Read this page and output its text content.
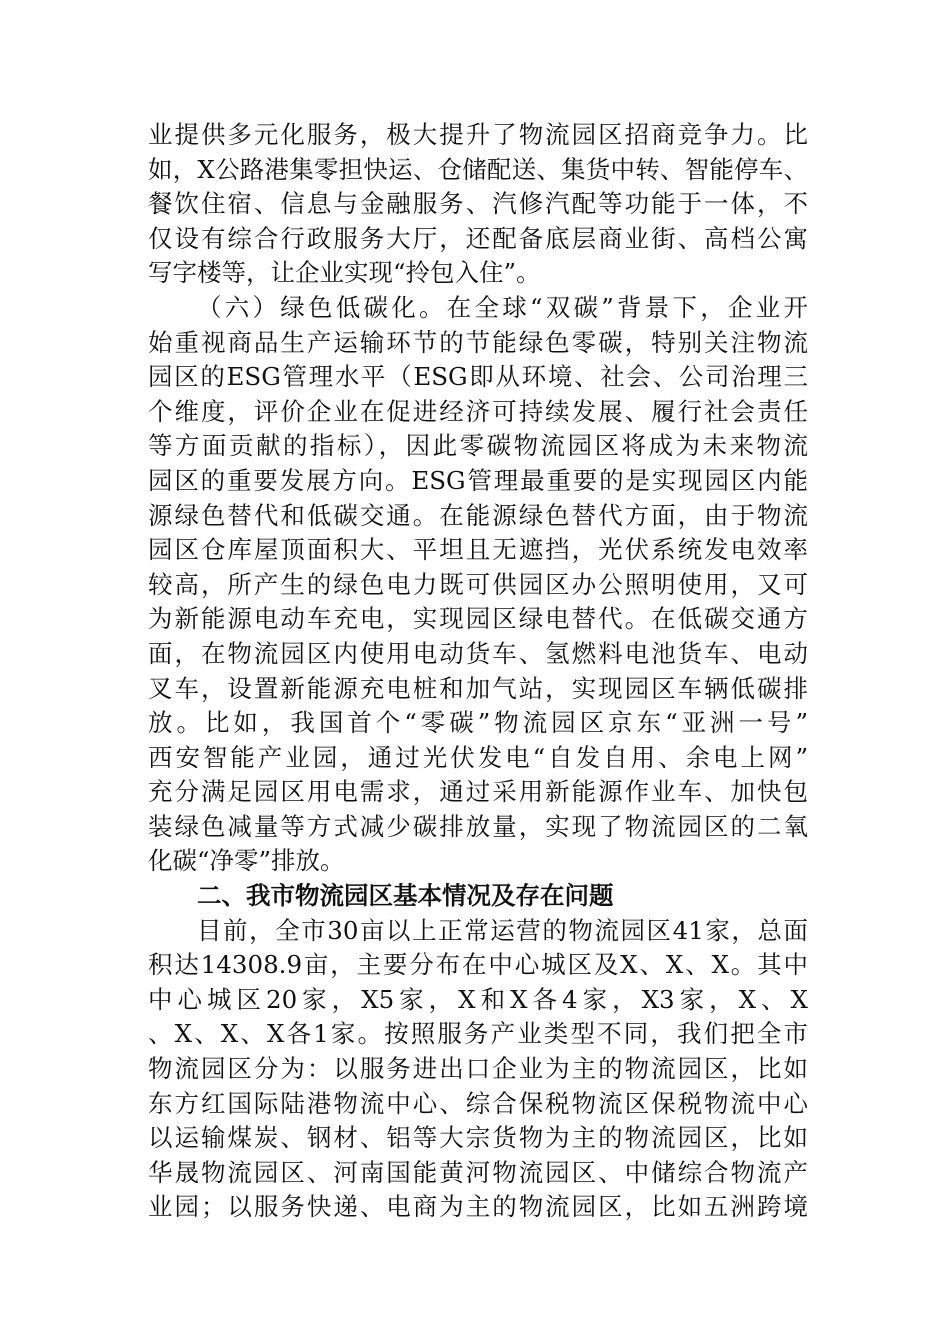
业提供多元化服务，极大提升了物流园区招商竞争力。比
如，X公路港集零担快运、仓储配送、集货中转、智能停车、
餐饮住宿、信息与金融服务、汽修汽配等功能于一体，不
仅设有综合行政服务大厅，还配备底层商业街、高档公寓
写字楼等，让企业实现“拎包入住”。
（六）绿色低碳化。在全球“双碳”背景下，企业开
始重视商品生产运输环节的节能绿色零碳，特别关注物流
园区的ESG管理水平（ESG即从环境、社会、公司治理三
个维度，评价企业在促进经济可持续发展、履行社会责任
等方面贡献的指标），因此零碳物流园区将成为未来物流
园区的重要发展方向。ESG管理最重要的是实现园区内能
源绿色替代和低碳交通。在能源绿色替代方面，由于物流
园区仓库屋顶面积大、平坦且无遮挡，光伏系统发电效率
较高，所产生的绿色电力既可供园区办公照明使用，又可
为新能源电动车充电，实现园区绿电替代。在低碳交通方
面，在物流园区内使用电动货车、氢燃料电池货车、电动
叉车，设置新能源充电桩和加气站，实现园区车辆低碳排
放。比如，我国首个“零碳”物流园区京东“亚洲一号”
西安智能产业园，通过光伏发电“自发自用、余电上网”
充分满足园区用电需求，通过采用新能源作业车、加快包
装绿色减量等方式减少碳排放量，实现了物流园区的二氧
化碳“净零”排放。
二、我市物流园区基本情况及存在问题
目前，全市30亩以上正常运营的物流园区41家，总面
积达14308.9亩，主要分布在中心城区及X、X、X。其中
中心城区20家，X5家，X和X各4家，X3家，X、X
、X、X、X各1家。按照服务产业类型不同，我们把全市
物流园区分为：以服务进出口企业为主的物流园区，比如
东方红国际陆港物流中心、综合保税物流区保税物流中心
以运输煤炭、钢材、铝等大宗货物为主的物流园区，比如
华晟物流园区、河南国能黄河物流园区、中储综合物流产
业园；以服务快递、电商为主的物流园区，比如五洲跨境
